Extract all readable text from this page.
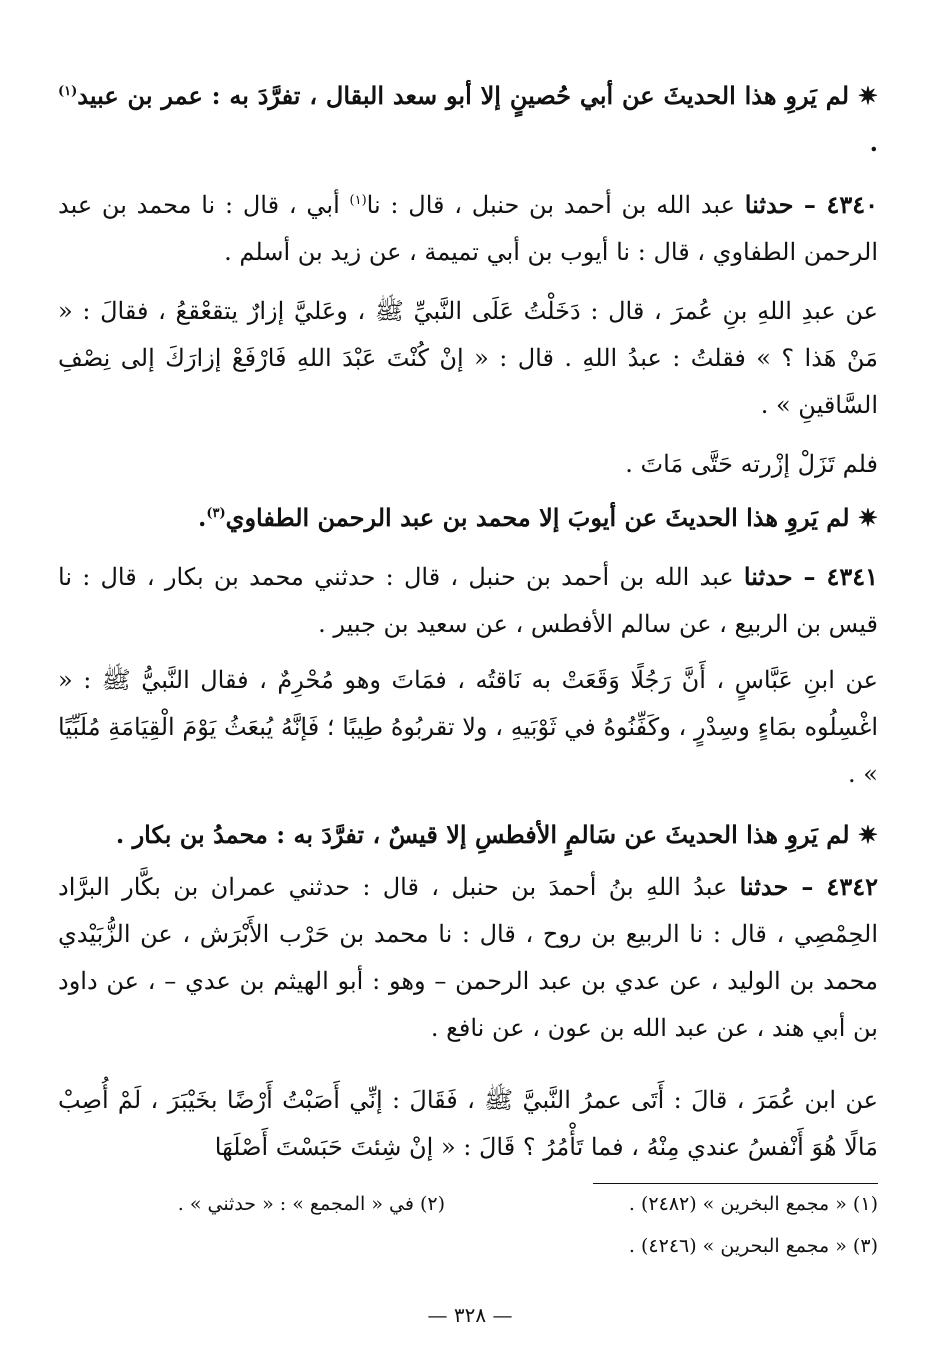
✷ لم يَروِ هذا الحديثَ عن أبي حُصينٍ إلا أبو سعد البقال ، تفرَّدَ به : عمر بن عبيد$^{(١)}$ .
٤٣٤٠ – حدثنا عبد الله بن أحمد بن حنبل ، قال : نا$^{(١)}$ أبي ، قال : نا محمد بن عبد الرحمن الطفاوي ، قال : نا أيوب بن أبي تميمة ، عن زيد بن أسلم .
عن عبدِ اللهِ بنِ عُمرَ ، قال : دَخَلْتُ عَلَى النَّبيِّ ﷺ ، وعَليَّ إزارٌ يتقعْقعُ ، فقالَ : « مَنْ هَذا ؟ » فقلتُ : عبدُ اللهِ . قال : « إنْ كُنْتَ عَبْدَ اللهِ فَارْفَعْ إزارَكَ إلى نِصْفِ السَّاقينِ » .
فلم تَزَلْ إزْرته حَتَّى مَاتَ .
✷ لم يَروِ هذا الحديثَ عن أيوبَ إلا محمد بن عبد الرحمن الطفاوي$^{(٣)}$.
٤٣٤١ – حدثنا عبد الله بن أحمد بن حنبل ، قال : حدثني محمد بن بكار ، قال : نا قيس بن الربيع ، عن سالم الأفطس ، عن سعيد بن جبير .
عن ابنِ عَبَّاسٍ ، أَنَّ رَجُلًا وَقَعَتْ به نَاقتُه ، فمَاتَ وهو مُحْرِمٌ ، فقال النَّبيُّ ﷺ : « اغْسِلُوه بمَاءٍ وسِدْرٍ ، وكَفِّنُوهُ في ثَوْبَيهِ ، ولا تقربُوهُ طِيبًا ؛ فَإنَّهُ يُبعَثُ يَوْمَ الْقِيَامَةِ مُلَبِّيًا » .
✷ لم يَروِ هذا الحديثَ عن سَالمٍ الأفطسِ إلا قيسٌ ، تفرَّدَ به : محمدُ بن بكار .
٤٣٤٢ – حدثنا عبدُ اللهِ بنُ أحمدَ بن حنبل ، قال : حدثني عمران بن بكَّار البرَّاد الحِمْصِي ، قال : نا الربيع بن روح ، قال : نا محمد بن حَرْب الأَبْرَش ، عن الزُّبَيْدي محمد بن الوليد ، عن عدي بن عبد الرحمن – وهو : أبو الهيثم بن عدي – ، عن داود بن أبي هند ، عن عبد الله بن عون ، عن نافع .
عن ابن عُمَرَ ، قالَ : أَتَى عمرُ النَّبيَّ ﷺ ، فَقَالَ : إنِّي أَصَبْتُ أَرْضًا بخَيْبَرَ ، لَمْ أُصِبْ مَالًا هُوَ أَنْفسُ عندي مِنْهُ ، فما تَأْمُرُ ؟ قَالَ : « إنْ شِئتَ حَبَسْتَ أَصْلَهَا
(١) « مجمع البخرين » (٢٤٨٢) .
(٢) في « المجمع » : « حدثني » .
(٣) « مجمع البحرين » (٤٢٤٦) .
— ٣٢٨ —
